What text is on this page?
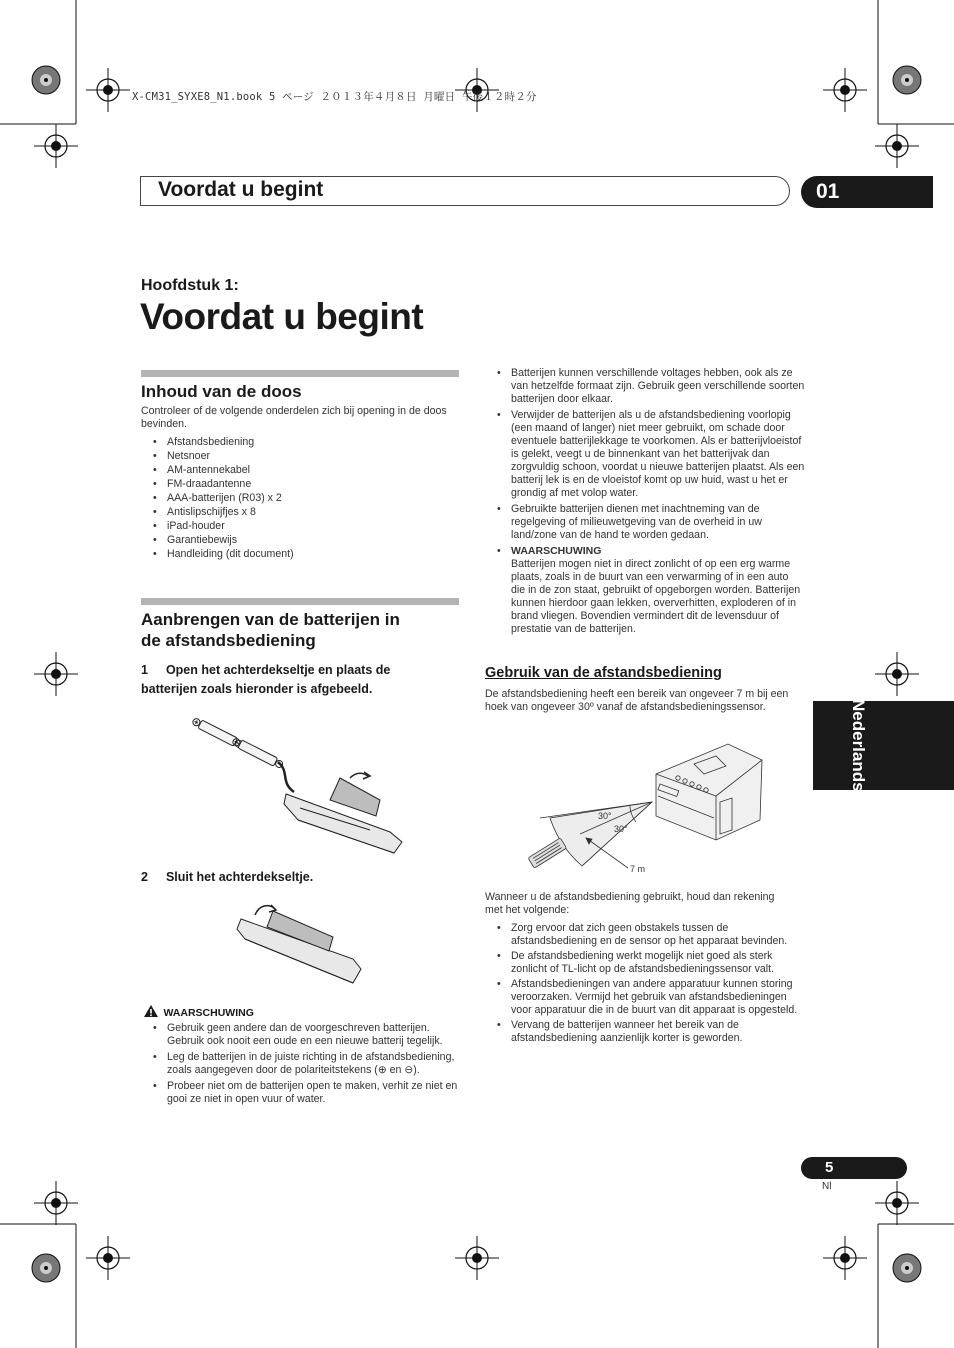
X-CM31_SYXE8_N1.book 5 ページ ２０１３年４月８日 月曜日 午後１２時２分
Voordat u begint	01
Hoofdstuk 1:
Voordat u begint
Inhoud van de doos
Controleer of de volgende onderdelen zich bij opening in de doos bevinden.
• Afstandsbediening
• Netsnoer
• AM-antennekabel
• FM-draadantenne
• AAA-batterijen (R03) x 2
• Antislipschijfjes x 8
• iPad-houder
• Garantiebewijs
• Handleiding (dit document)
Aanbrengen van de batterijen in
de afstandsbediening
1 Open het achterdekseltje en plaats de
batterijen zoals hieronder is afgebeeld.
2 Sluit het achterdekseltje.
WAARSCHUWING
• Gebruik geen andere dan de voorgeschreven batterijen. Gebruik ook nooit een oude en een nieuwe batterij tegelijk.
• Leg de batterijen in de juiste richting in de afstandsbediening, zoals aangegeven door de polariteitstekens (⊕ en ⊖).
• Probeer niet om de batterijen open te maken, verhit ze niet en gooi ze niet in open vuur of water.
• Batterijen kunnen verschillende voltages hebben, ook als ze van hetzelfde formaat zijn. Gebruik geen verschillende soorten batterijen door elkaar.
• Verwijder de batterijen als u de afstandsbediening voorlopig (een maand of langer) niet meer gebruikt, om schade door eventuele batterijlekkage te voorkomen. Als er batterijvloeistof is gelekt, veegt u de binnenkant van het batterijvak dan zorgvuldig schoon, voordat u nieuwe batterijen plaatst. Als een batterij lek is en de vloeistof komt op uw huid, wast u het er grondig af met volop water.
• Gebruikte batterijen dienen met inachtneming van de regelgeving of milieuwetgeving van de overheid in uw land/zone van de hand te worden gedaan.
• WAARSCHUWING
Batterijen mogen niet in direct zonlicht of op een erg warme plaats, zoals in de buurt van een verwarming of in een auto die in de zon staat, gebruikt of opgeborgen worden. Batterijen kunnen hierdoor gaan lekken, oververhitten, exploderen of in brand vliegen. Bovendien vermindert dit de levensduur of prestatie van de batterijen.
Gebruik van de afstandsbediening
De afstandsbediening heeft een bereik van ongeveer 7 m bij een hoek van ongeveer 30º vanaf de afstandsbedieningssensor.
30°
30°
7 m
Wanneer u de afstandsbediening gebruikt, houd dan rekening met het volgende:
• Zorg ervoor dat zich geen obstakels tussen de afstandsbediening en de sensor op het apparaat bevinden.
• De afstandsbediening werkt mogelijk niet goed als sterk zonlicht of TL-licht op de afstandsbedieningssensor valt.
• Afstandsbedieningen van andere apparatuur kunnen storing veroorzaken. Vermijd het gebruik van afstandsbedieningen voor apparatuur die in de buurt van dit apparaat is opgesteld.
• Vervang de batterijen wanneer het bereik van de afstandsbediening aanzienlijk korter is geworden.
Nederlands
5
Nl
